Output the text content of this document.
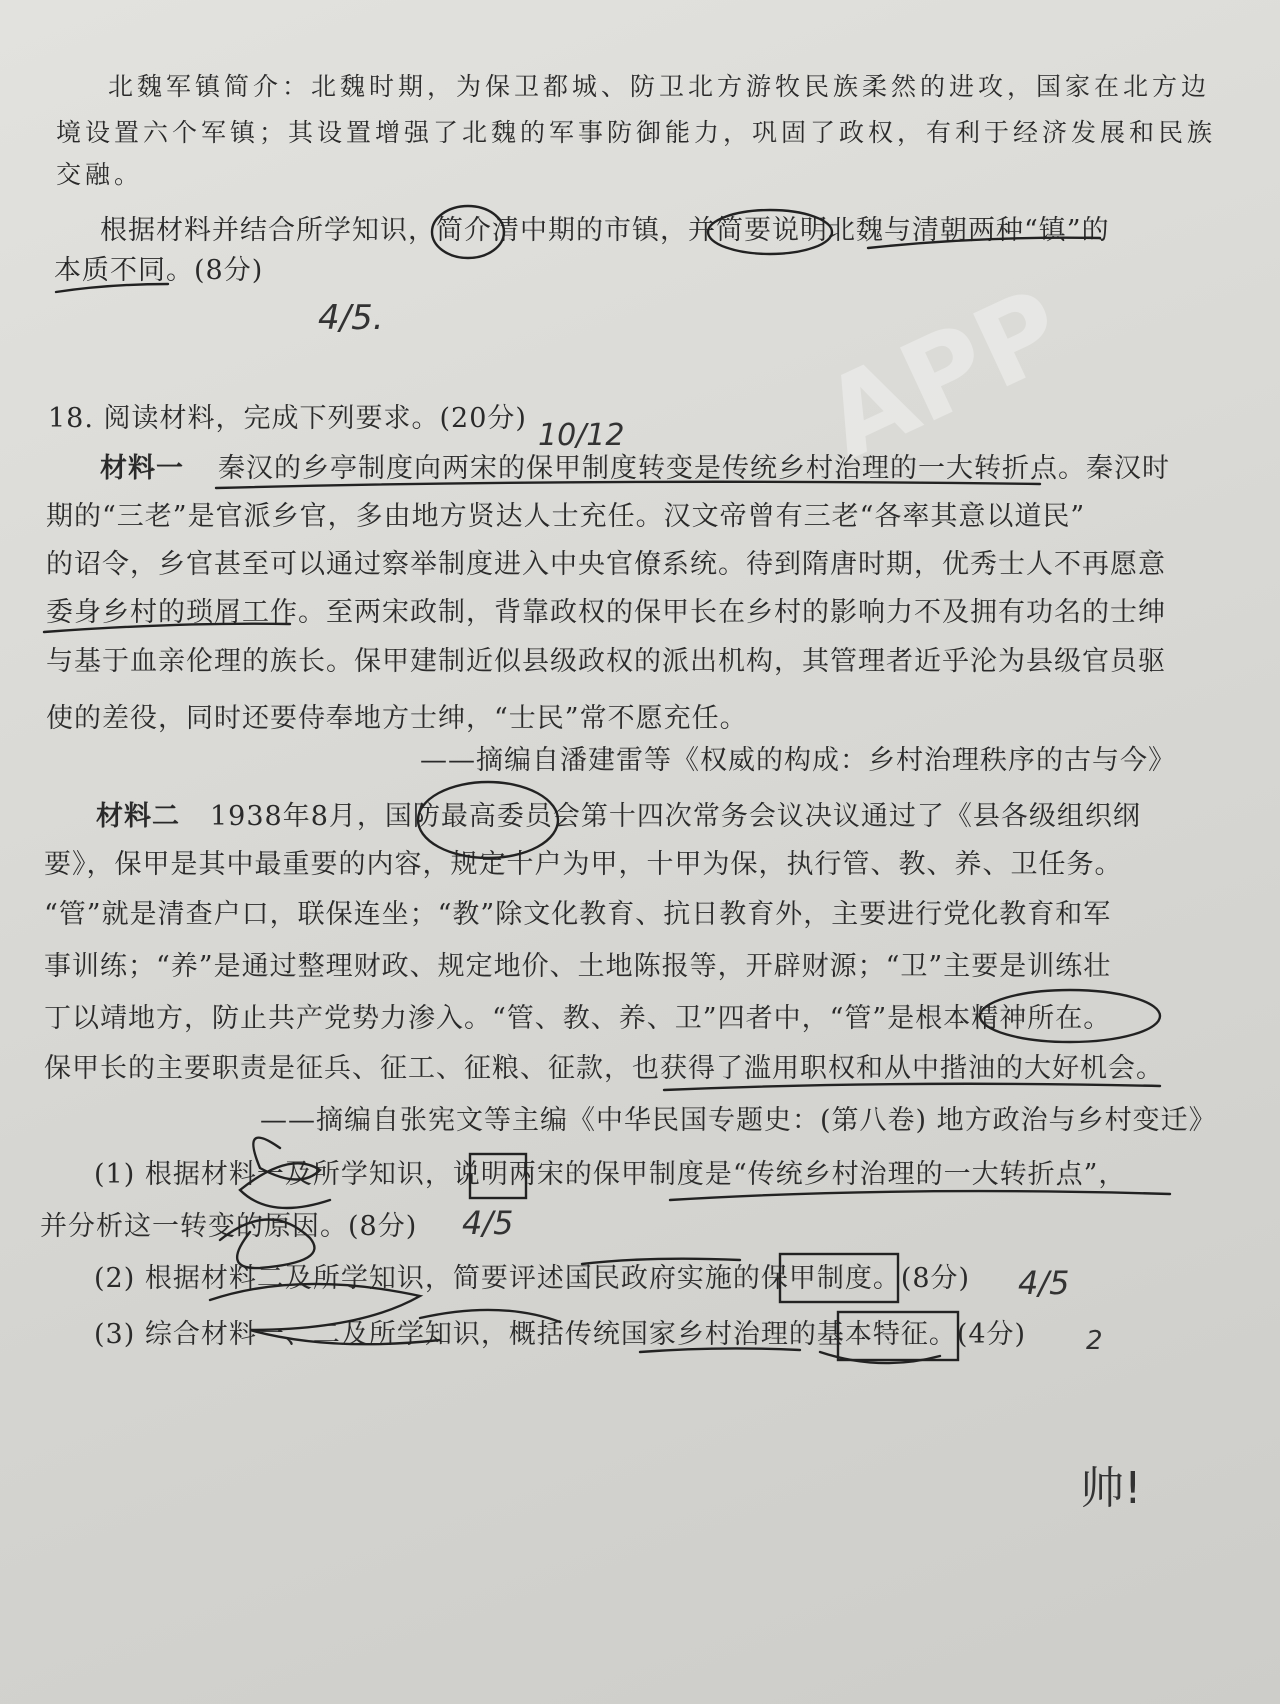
APP
北魏军镇简介：北魏时期，为保卫都城、防卫北方游牧民族柔然的进攻，国家在北方边
境设置六个军镇；其设置增强了北魏的军事防御能力，巩固了政权，有利于经济发展和民族
交融。
根据材料并结合所学知识，简介清中期的市镇，并简要说明北魏与清朝两种“镇”的
本质不同。(8分)
4/5.
18. 阅读材料，完成下列要求。(20分) 10/12
材料一 秦汉的乡亭制度向两宋的保甲制度转变是传统乡村治理的一大转折点。秦汉时
期的“三老”是官派乡官，多由地方贤达人士充任。汉文帝曾有三老“各率其意以道民”
的诏令，乡官甚至可以通过察举制度进入中央官僚系统。待到隋唐时期，优秀士人不再愿意
委身乡村的琐屑工作。至两宋政制，背靠政权的保甲长在乡村的影响力不及拥有功名的士绅
与基于血亲伦理的族长。保甲建制近似县级政权的派出机构，其管理者近乎沦为县级官员驱
使的差役，同时还要侍奉地方士绅，“士民”常不愿充任。
——摘编自潘建雷等《权威的构成：乡村治理秩序的古与今》
材料二 1938年8月，国防最高委员会第十四次常务会议决议通过了《县各级组织纲
要》，保甲是其中最重要的内容，规定十户为甲，十甲为保，执行管、教、养、卫任务。
“管”就是清查户口，联保连坐；“教”除文化教育、抗日教育外，主要进行党化教育和军
事训练；“养”是通过整理财政、规定地价、土地陈报等，开辟财源；“卫”主要是训练壮
丁以靖地方，防止共产党势力渗入。“管、教、养、卫”四者中，“管”是根本精神所在。
保甲长的主要职责是征兵、征工、征粮、征款，也获得了滥用职权和从中揩油的大好机会。
——摘编自张宪文等主编《中华民国专题史：(第八卷) 地方政治与乡村变迁》
(1) 根据材料一及所学知识，说明两宋的保甲制度是“传统乡村治理的一大转折点”，
并分析这一转变的原因。(8分) 4/5
(2) 根据材料二及所学知识，简要评述国民政府实施的保甲制度。(8分) 4/5
(3) 综合材料一、二及所学知识，概括传统国家乡村治理的基本特征。(4分) 2
帅!
